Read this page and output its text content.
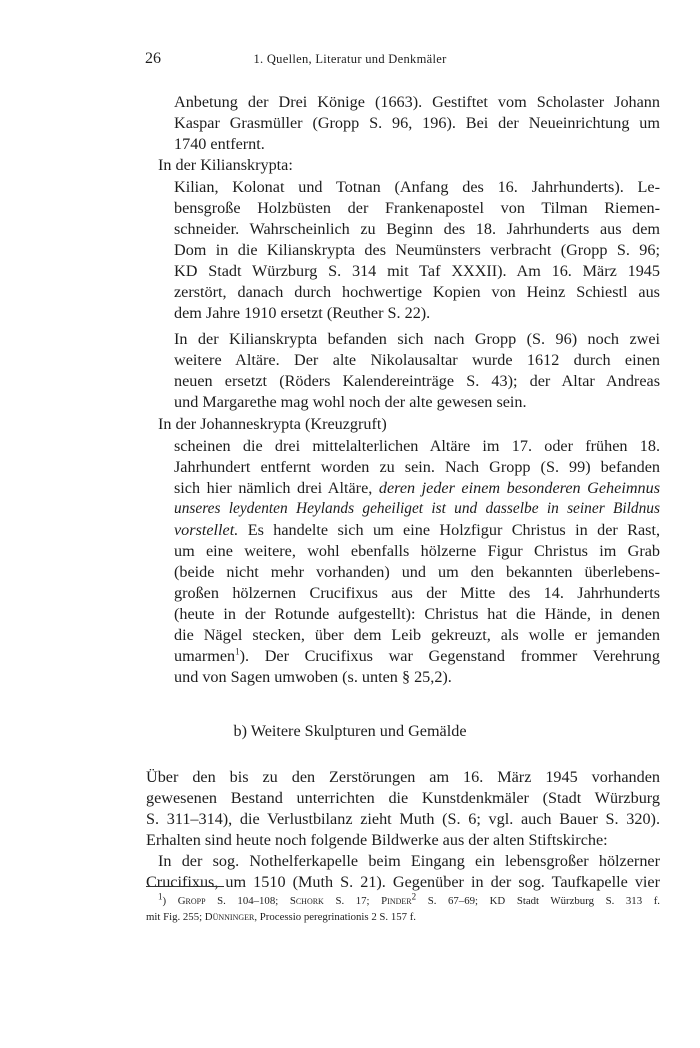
26	1. Quellen, Literatur und Denkmäler
Anbetung der Drei Könige (1663). Gestiftet vom Scholaster Johann
Kaspar Grasmüller (Gropp S. 96, 196). Bei der Neueinrichtung um
1740 entfernt.
In der Kilianskrypta:
Kilian, Kolonat und Totnan (Anfang des 16. Jahrhunderts). Le-
bensgroße Holzbüsten der Frankenapostel von Tilman Riemen-
schneider. Wahrscheinlich zu Beginn des 18. Jahrhunderts aus dem
Dom in die Kilianskrypta des Neumünsters verbracht (Gropp S. 96;
KD Stadt Würzburg S. 314 mit Taf XXXII). Am 16. März 1945
zerstört, danach durch hochwertige Kopien von Heinz Schiestl aus
dem Jahre 1910 ersetzt (Reuther S. 22).
In der Kilianskrypta befanden sich nach Gropp (S. 96) noch zwei
weitere Altäre. Der alte Nikolausaltar wurde 1612 durch einen
neuen ersetzt (Röders Kalendereinträge S. 43); der Altar Andreas
und Margarethe mag wohl noch der alte gewesen sein.
In der Johanneskrypta (Kreuzgruft)
scheinen die drei mittelalterlichen Altäre im 17. oder frühen 18.
Jahrhundert entfernt worden zu sein. Nach Gropp (S. 99) befanden
sich hier nämlich drei Altäre, deren jeder einem besonderen Geheimnus
unseres leydenten Heylands geheiliget ist und dasselbe in seiner Bildnus
vorstellet. Es handelte sich um eine Holzfigur Christus in der Rast,
um eine weitere, wohl ebenfalls hölzerne Figur Christus im Grab
(beide nicht mehr vorhanden) und um den bekannten überlebens-
großen hölzernen Crucifixus aus der Mitte des 14. Jahrhunderts
(heute in der Rotunde aufgestellt): Christus hat die Hände, in denen
die Nägel stecken, über dem Leib gekreuzt, als wolle er jemanden
umarmen$^1$). Der Crucifixus war Gegenstand frommer Verehrung
und von Sagen umwoben (s. unten § 25,2).
b) Weitere Skulpturen und Gemälde
Über den bis zu den Zerstörungen am 16. März 1945 vorhanden
gewesenen Bestand unterrichten die Kunstdenkmäler (Stadt Würzburg
S. 311–314), die Verlustbilanz zieht Muth (S. 6; vgl. auch Bauer S. 320).
Erhalten sind heute noch folgende Bildwerke aus der alten Stiftskirche:
In der sog. Nothelferkapelle beim Eingang ein lebensgroßer hölzerner
Crucifixus, um 1510 (Muth S. 21). Gegenüber in der sog. Taufkapelle vier
$^1$) Gropp S. 104–108; Schork S. 17; Pinder$^2$ S. 67–69; KD Stadt Würzburg S. 313 f.
mit Fig. 255; Dünninger, Processio peregrinationis 2 S. 157 f.
